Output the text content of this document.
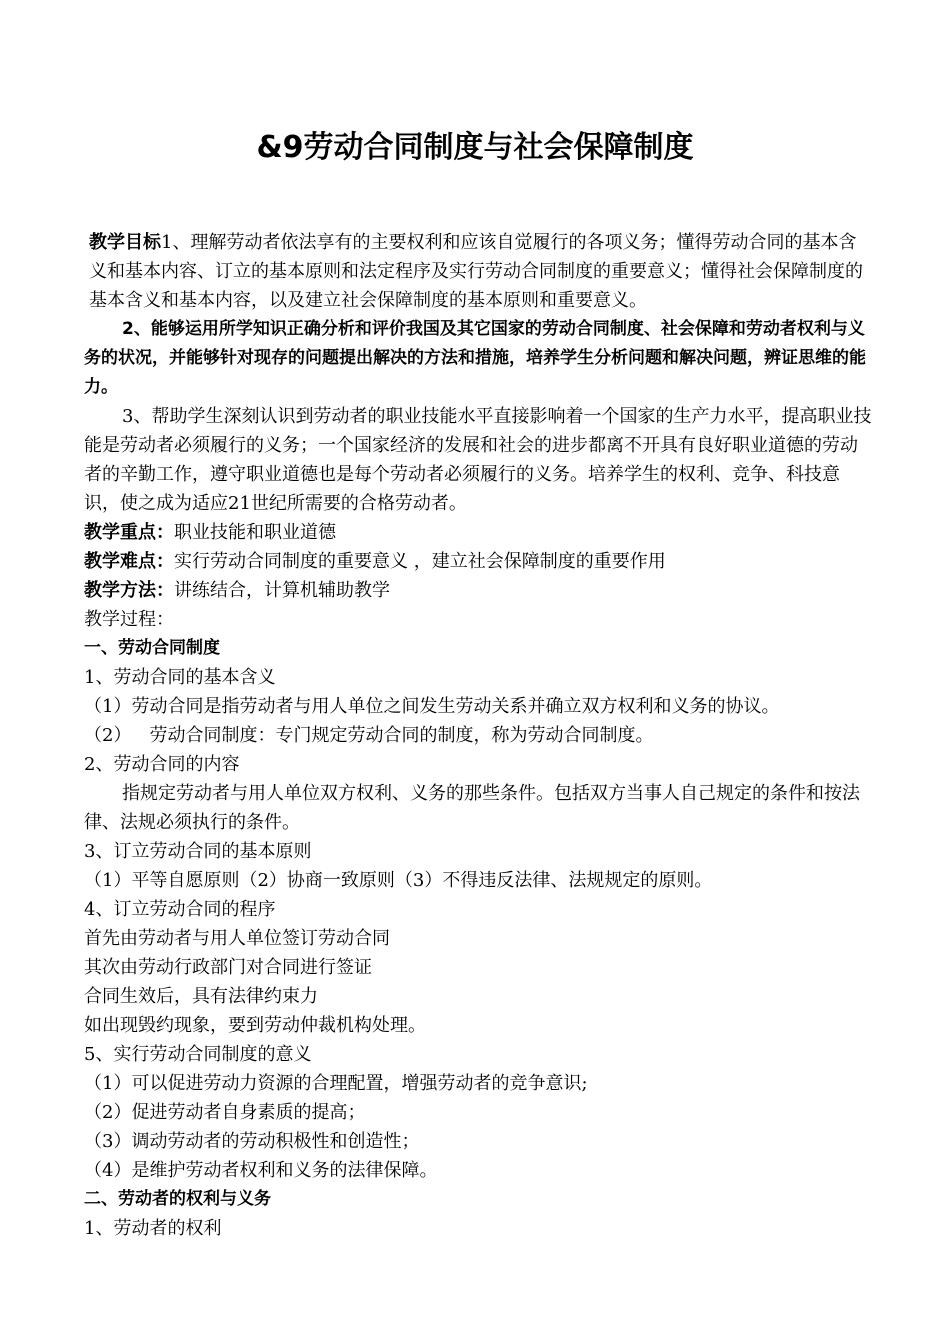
&9劳动合同制度与社会保障制度

教学目标1、理解劳动者依法享有的主要权利和应该自觉履行的各项义务；懂得劳动合同的基本含义和基本内容、订立的基本原则和法定程序及实行劳动合同制度的重要意义；懂得社会保障制度的基本含义和基本内容，以及建立社会保障制度的基本原则和重要意义。

2、能够运用所学知识正确分析和评价我国及其它国家的劳动合同制度、社会保障和劳动者权利与义务的状况，并能够针对现存的问题提出解决的方法和措施，培养学生分析问题和解决问题，辨证思维的能力。

3、帮助学生深刻认识到劳动者的职业技能水平直接影响着一个国家的生产力水平，提高职业技能是劳动者必须履行的义务；一个国家经济的发展和社会的进步都离不开具有良好职业道德的劳动者的辛勤工作，遵守职业道德也是每个劳动者必须履行的义务。培养学生的权利、竞争、科技意识，使之成为适应21世纪所需要的合格劳动者。

教学重点：职业技能和职业道德

教学难点：实行劳动合同制度的重要意义 ，建立社会保障制度的重要作用

教学方法：讲练结合，计算机辅助教学

教学过程：

一、劳动合同制度

1、劳动合同的基本含义

（1）劳动合同是指劳动者与用人单位之间发生劳动关系并确立双方权利和义务的协议。

（2） 劳动合同制度：专门规定劳动合同的制度，称为劳动合同制度。

2、劳动合同的内容

指规定劳动者与用人单位双方权利、义务的那些条件。包括双方当事人自己规定的条件和按法律、法规必须执行的条件。

3、订立劳动合同的基本原则

（1）平等自愿原则（2）协商一致原则（3）不得违反法律、法规规定的原则。

4、订立劳动合同的程序

首先由劳动者与用人单位签订劳动合同

其次由劳动行政部门对合同进行签证

合同生效后，具有法律约束力

如出现毁约现象，要到劳动仲裁机构处理。

5、实行劳动合同制度的意义

（1）可以促进劳动力资源的合理配置，增强劳动者的竞争意识;

（2）促进劳动者自身素质的提高；

（3）调动劳动者的劳动积极性和创造性；

（4）是维护劳动者权利和义务的法律保障。

二、劳动者的权利与义务

1、劳动者的权利
